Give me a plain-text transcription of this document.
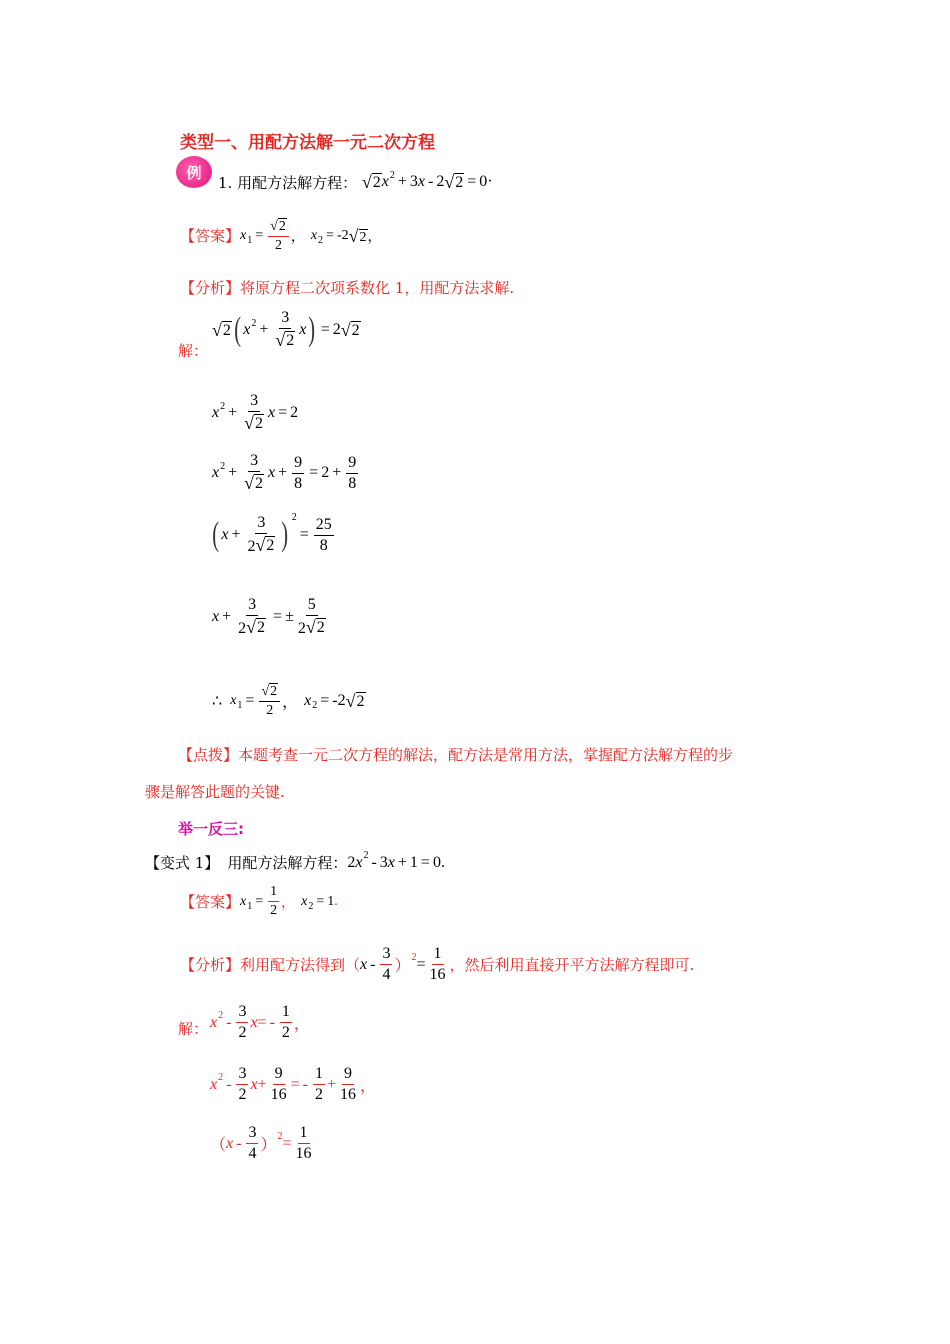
类型一、用配方法解一元二次方程
例
1. 用配方法解方程： √ 2 x 2 + 3 x - 2 √ 2 = 0·
【答案】 x $1 = \frac{√ 2}{2}$ ， x 2 = -2 √ 2 ，
【分析】将原方程二次项系数化 1，用配方法求解.
解：
√ 2 ( x $2 + \frac{3}{√ 2}$ x ) = 2 √ 2
x $2 + \frac{3}{√ 2}$ x = 2
x $2 + \frac{3}{√ 2}$ $x + \frac{9}{8} = 2 + \frac{9}{8}$
( $x + \frac{3}{2 √ 2}$ ) 2
= $\frac{25}{8}$
$x + \frac{3}{2 √ 2}$ = ± $\frac{5}{2 √ 2}$
∴ x $1 = \frac{√ 2}{2}$ ， x 2 = -2 √ 2
【点拨】本题考查一元二次方程的解法，配方法是常用方法，掌握配方法解方程的步
骤是解答此题的关键.
举一反三:
【变式 1】 用配方法解方程： 2 x 2 - 3 x + 1 = 0 .
【答案】 x $1 = \frac{1}{2}$ ， x 2 = 1 .
【分析】 利用配方法得到（ x - $\frac{3}{4}$ ）
$2 = \frac{1}{16}$ ，然后利用直接开平方法解方程即可.
解： x $2 - \frac{3}{2}$ x = - $\frac{1}{2}$ ，
x $2 - \frac{3}{2}$ $x + \frac{9}{16}$ = - $\frac{1}{2} + \frac{9}{16}$ ，
（ x - $\frac{3}{4}$ ）
$2 = \frac{1}{16}$
